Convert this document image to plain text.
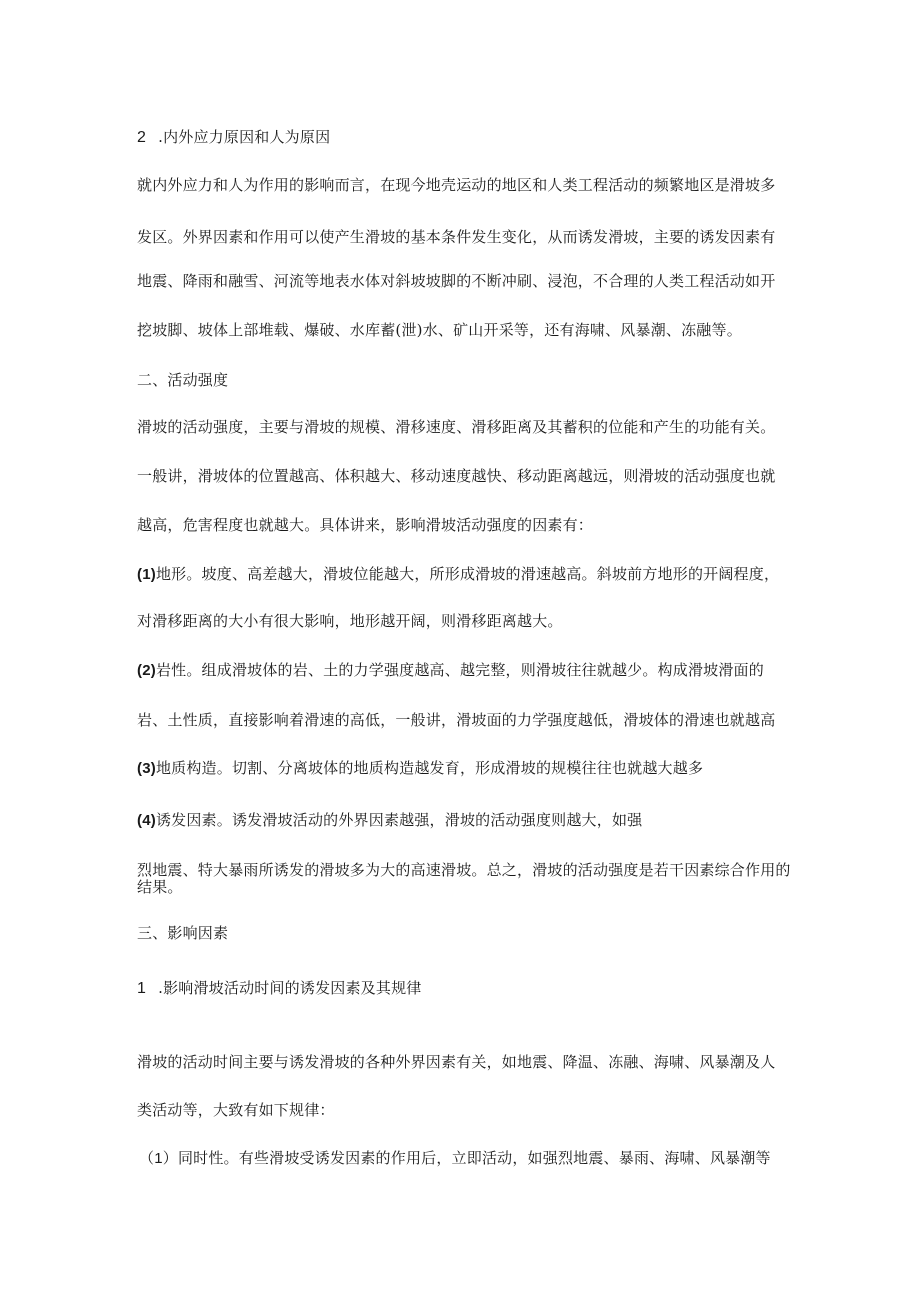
2 .内外应力原因和人为原因
就内外应力和人为作用的影响而言，在现今地壳运动的地区和人类工程活动的频繁地区是滑坡多
发区。外界因素和作用可以使产生滑坡的基本条件发生变化，从而诱发滑坡，主要的诱发因素有
地震、降雨和融雪、河流等地表水体对斜坡坡脚的不断冲刷、浸泡，不合理的人类工程活动如开
挖坡脚、坡体上部堆载、爆破、水库蓄(泄)水、矿山开采等，还有海啸、风暴潮、冻融等。
二、活动强度
滑坡的活动强度，主要与滑坡的规模、滑移速度、滑移距离及其蓄积的位能和产生的功能有关。
一般讲，滑坡体的位置越高、体积越大、移动速度越快、移动距离越远，则滑坡的活动强度也就
越高，危害程度也就越大。具体讲来，影响滑坡活动强度的因素有：
(1)地形。坡度、高差越大，滑坡位能越大，所形成滑坡的滑速越高。斜坡前方地形的开阔程度，
对滑移距离的大小有很大影响，地形越开阔，则滑移距离越大。
(2)岩性。组成滑坡体的岩、土的力学强度越高、越完整，则滑坡往往就越少。构成滑坡滑面的
岩、土性质，直接影响着滑速的高低，一般讲，滑坡面的力学强度越低，滑坡体的滑速也就越高
(3)地质构造。切割、分离坡体的地质构造越发育，形成滑坡的规模往往也就越大越多
(4)诱发因素。诱发滑坡活动的外界因素越强，滑坡的活动强度则越大，如强
烈地震、特大暴雨所诱发的滑坡多为大的高速滑坡。总之，滑坡的活动强度是若干因素综合作用的结果。
三、影响因素
1 .影响滑坡活动时间的诱发因素及其规律
滑坡的活动时间主要与诱发滑坡的各种外界因素有关，如地震、降温、冻融、海啸、风暴潮及人
类活动等，大致有如下规律：
（1）同时性。有些滑坡受诱发因素的作用后，立即活动，如强烈地震、暴雨、海啸、风暴潮等
